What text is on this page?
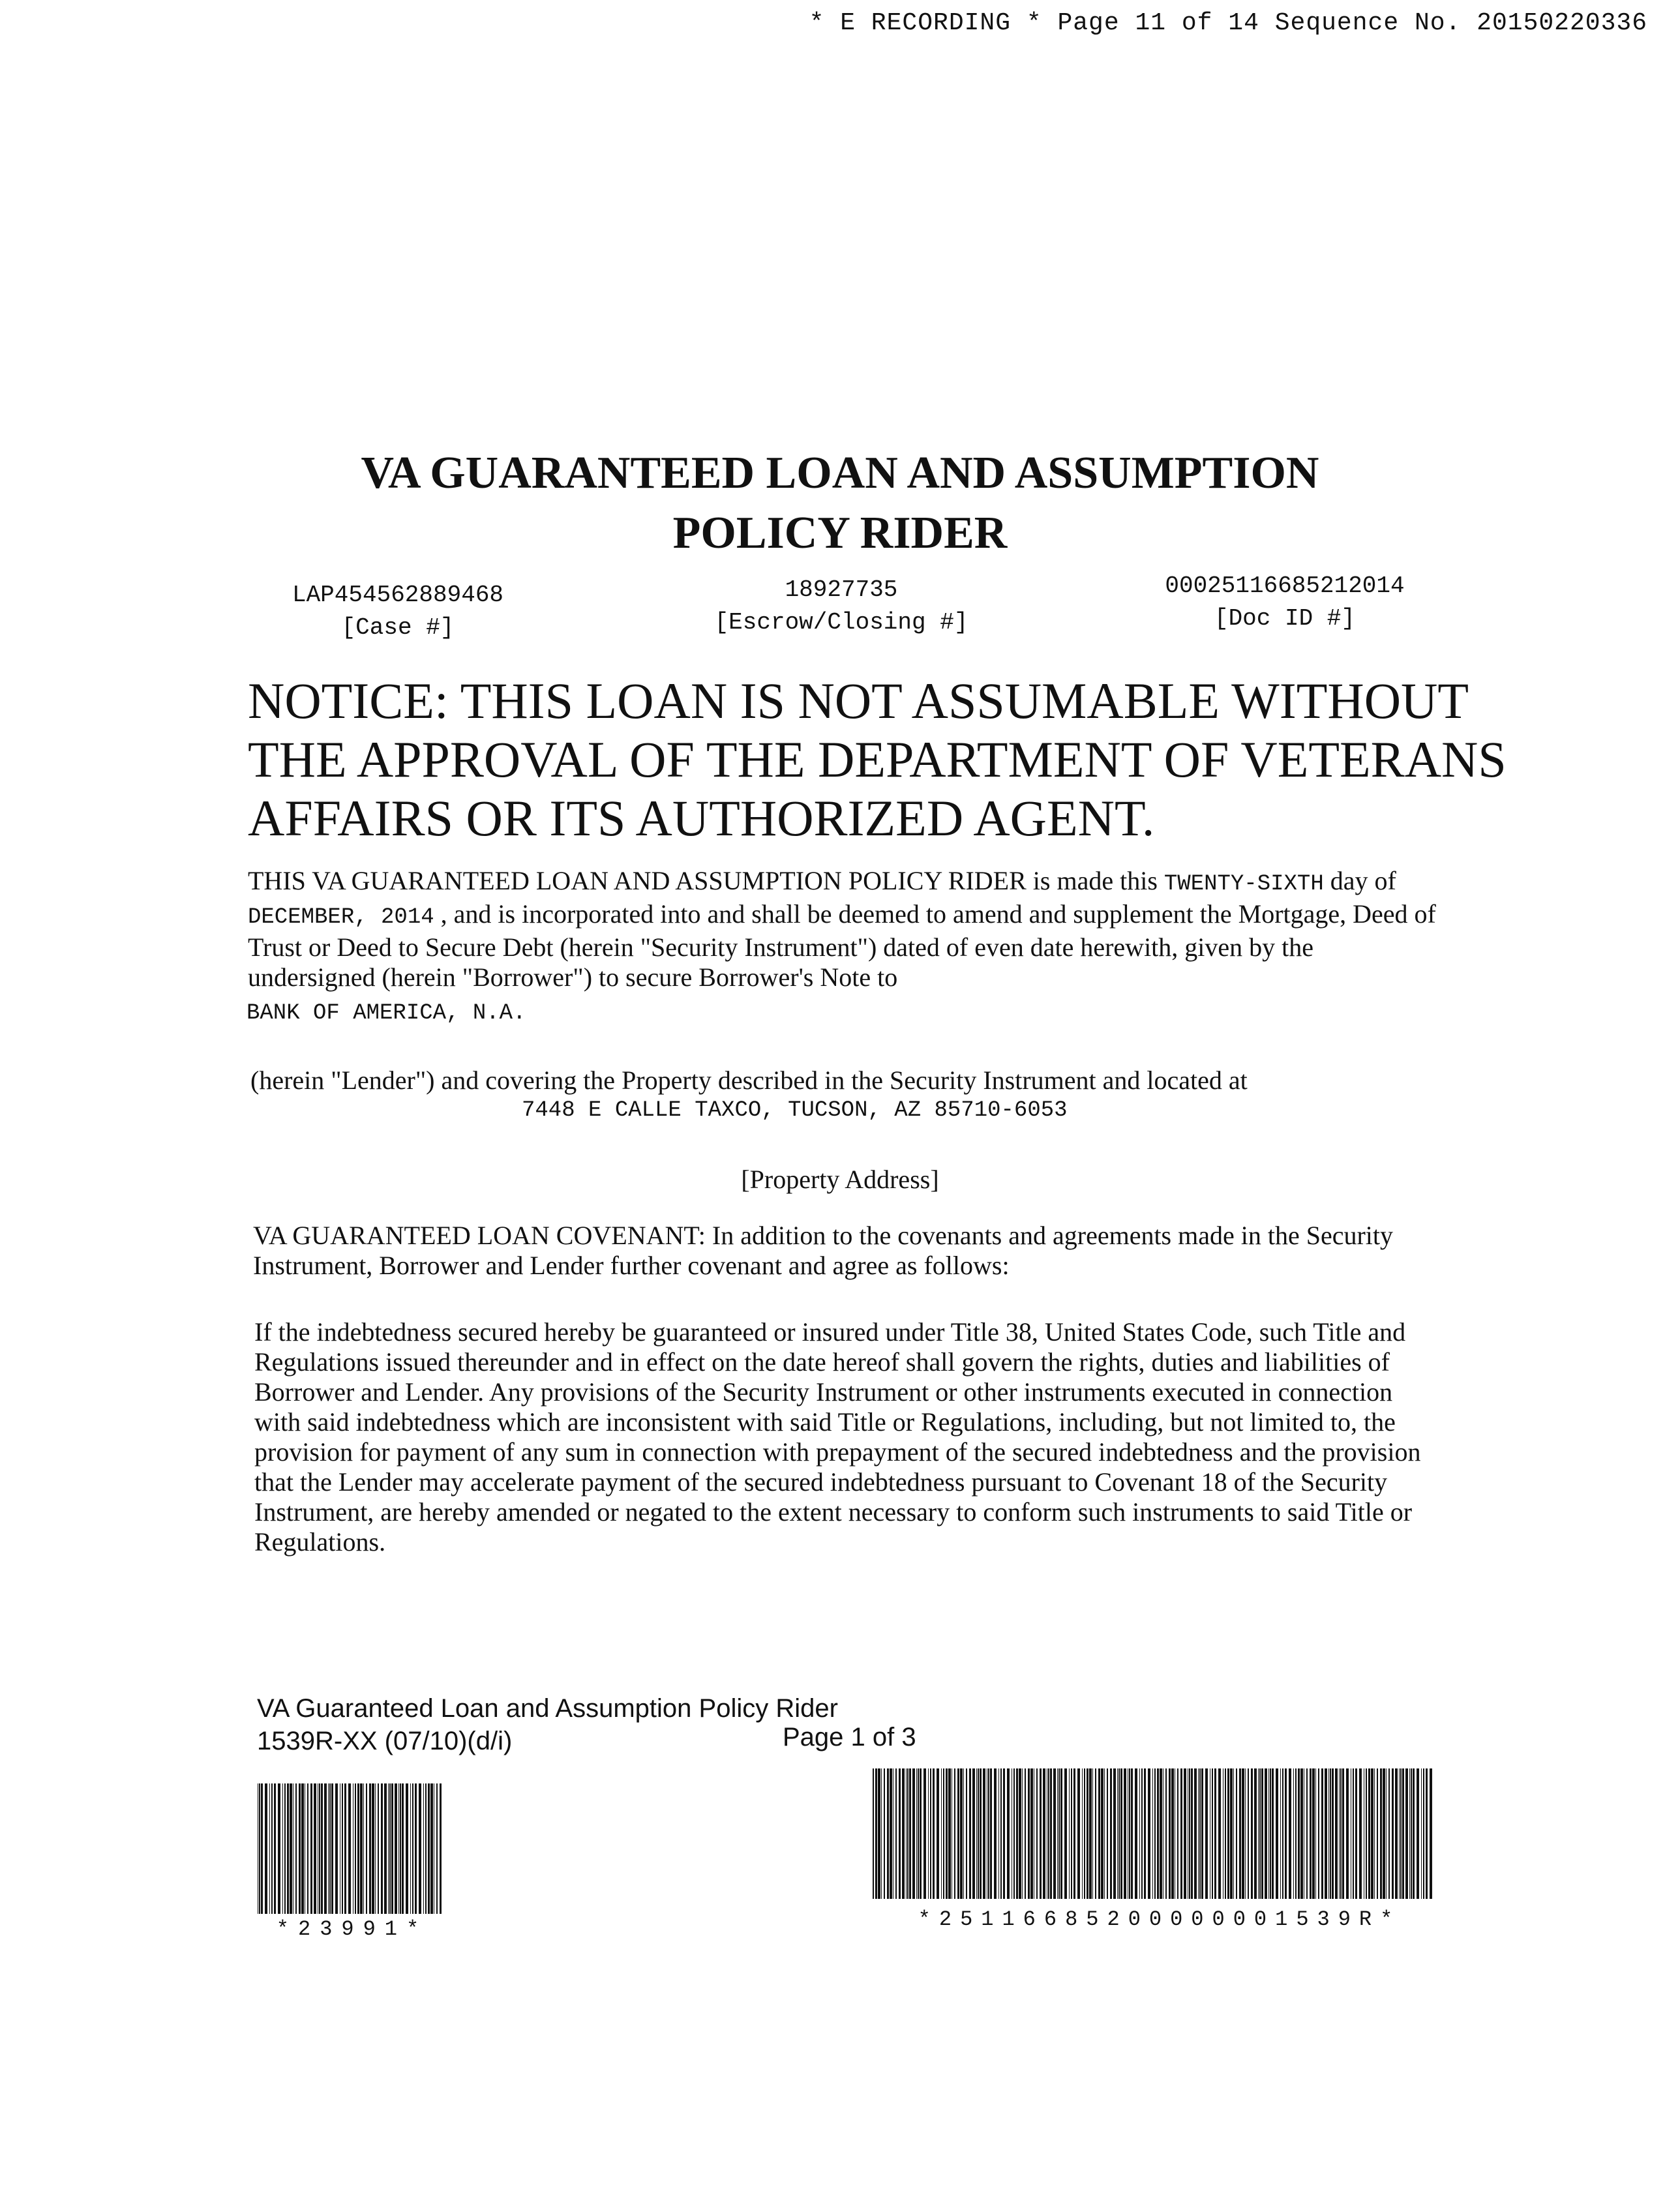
* E RECORDING * Page 11 of 14 Sequence No. 20150220336
VA GUARANTEED LOAN AND ASSUMPTION
POLICY RIDER
LAP454562889468
[Case #]
18927735
[Escrow/Closing #]
00025116685212014
[Doc ID #]
NOTICE: THIS LOAN IS NOT ASSUMABLE WITHOUT
THE APPROVAL OF THE DEPARTMENT OF VETERANS
AFFAIRS OR ITS AUTHORIZED AGENT.
THIS VA GUARANTEED LOAN AND ASSUMPTION POLICY RIDER is made this TWENTY-SIXTH day of DECEMBER, 2014 , and is incorporated into and shall be deemed to amend and supplement the Mortgage, Deed of Trust or Deed to Secure Debt (herein "Security Instrument") dated of even date herewith, given by the undersigned (herein "Borrower") to secure Borrower's Note to
BANK OF AMERICA, N.A.
(herein "Lender") and covering the Property described in the Security Instrument and located at
7448 E CALLE TAXCO, TUCSON, AZ 85710-6053
[Property Address]
VA GUARANTEED LOAN COVENANT: In addition to the covenants and agreements made in the Security Instrument, Borrower and Lender further covenant and agree as follows:
If the indebtedness secured hereby be guaranteed or insured under Title 38, United States Code, such Title and Regulations issued thereunder and in effect on the date hereof shall govern the rights, duties and liabilities of Borrower and Lender. Any provisions of the Security Instrument or other instruments executed in connection with said indebtedness which are inconsistent with said Title or Regulations, including, but not limited to, the provision for payment of any sum in connection with prepayment of the secured indebtedness and the provision that the Lender may accelerate payment of the secured indebtedness pursuant to Covenant 18 of the Security Instrument, are hereby amended or negated to the extent necessary to conform such instruments to said Title or Regulations.
VA Guaranteed Loan and Assumption Policy Rider
1539R-XX (07/10)(d/i)	Page 1 of 3
*23991*	*25116685200000001539R*
